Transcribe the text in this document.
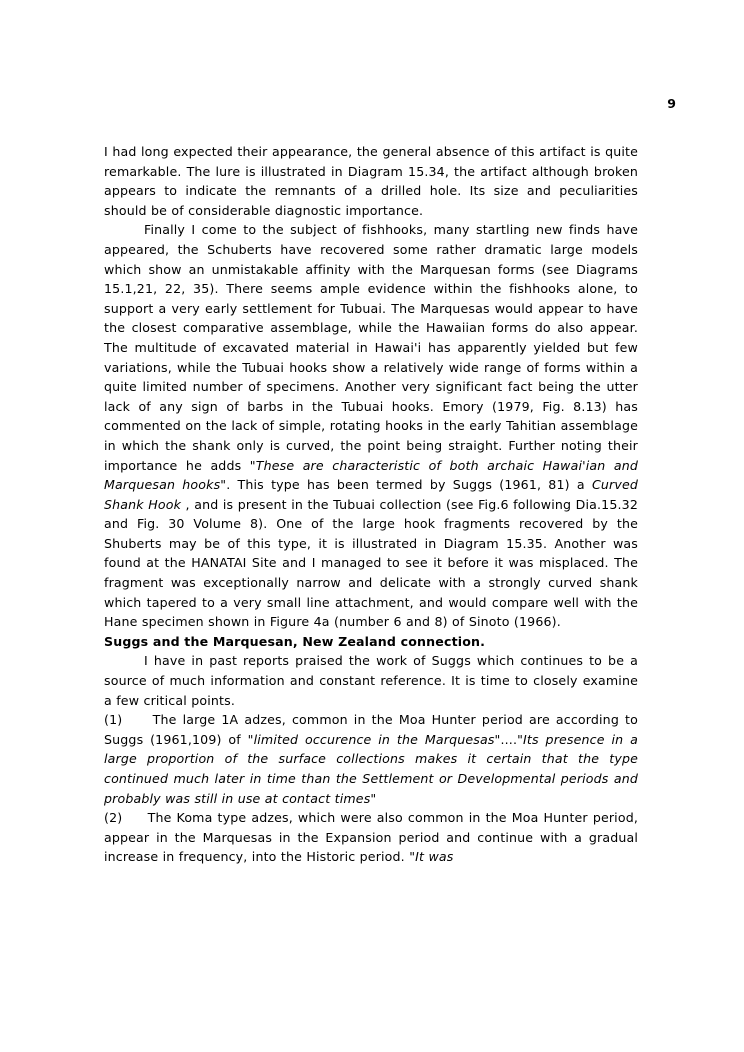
9

I had long expected their appearance, the general absence of this artifact is quite remarkable. The lure is illustrated in Diagram 15.34, the artifact although broken appears to indicate the remnants of a drilled hole. Its size and peculiarities should be of considerable diagnostic importance.

Finally I come to the subject of fishhooks, many startling new finds have appeared, the Schuberts have recovered some rather dramatic large models which show an unmistakable affinity with the Marquesan forms (see Diagrams 15.1,21, 22, 35). There seems ample evidence within the fishhooks alone, to support a very early settlement for Tubuai. The Marquesas would appear to have the closest comparative assemblage, while the Hawaiian forms do also appear. The multitude of excavated material in Hawai'i has apparently yielded but few variations, while the Tubuai hooks show a relatively wide range of forms within a quite limited number of specimens. Another very significant fact being the utter lack of any sign of barbs in the Tubuai hooks. Emory (1979, Fig. 8.13) has commented on the lack of simple, rotating hooks in the early Tahitian assemblage in which the shank only is curved, the point being straight. Further noting their importance he adds "These are characteristic of both archaic Hawai'ian and Marquesan hooks". This type has been termed by Suggs (1961, 81) a Curved Shank Hook , and is present in the Tubuai collection (see Fig.6 following Dia.15.32 and Fig. 30 Volume 8). One of the large hook fragments recovered by the Shuberts may be of this type, it is illustrated in Diagram 15.35. Another was found at the HANATAI Site and I managed to see it before it was misplaced. The fragment was exceptionally narrow and delicate with a strongly curved shank which tapered to a very small line attachment, and would compare well with the Hane specimen shown in Figure 4a (number 6 and 8) of Sinoto (1966).

Suggs and the Marquesan, New Zealand connection.

I have in past reports praised the work of Suggs which continues to be a source of much information and constant reference. It is time to closely examine a few critical points.

(1) The large 1A adzes, common in the Moa Hunter period are according to Suggs (1961,109) of "limited occurence in the Marquesas"...."Its presence in a large proportion of the surface collections makes it certain that the type continued much later in time than the Settlement or Developmental periods and probably was still in use at contact times"

(2) The Koma type adzes, which were also common in the Moa Hunter period, appear in the Marquesas in the Expansion period and continue with a gradual increase in frequency, into the Historic period. "It was
